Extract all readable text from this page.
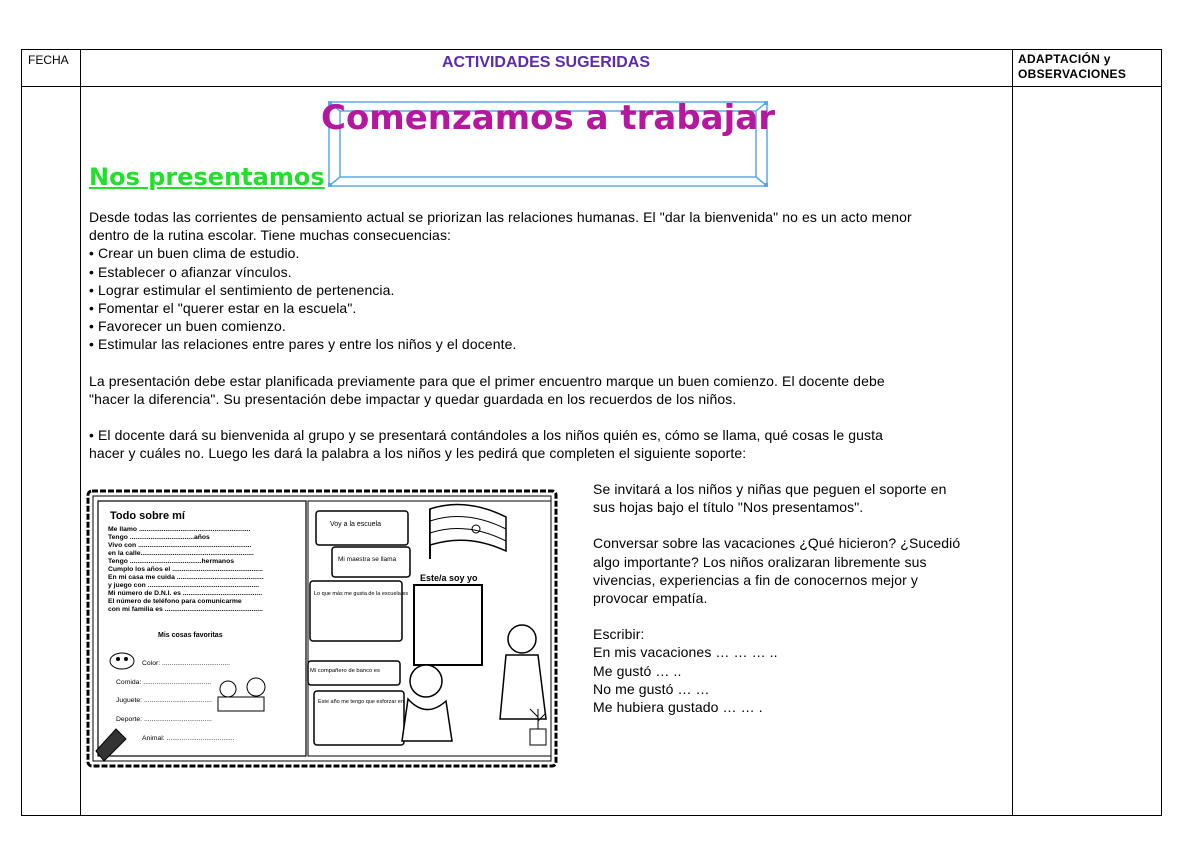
FECHA	ACTIVIDADES SUGERIDAS	ADAPTACIÓN y
OBSERVACIONES
Comenzamos a trabajar
Nos presentamos

Desde todas las corrientes de pensamiento actual se priorizan las relaciones humanas. El "dar la bienvenida" no es un acto menor

dentro de la rutina escolar. Tiene muchas consecuencias:

• Crear un buen clima de estudio.

• Establecer o afianzar vínculos.

• Lograr estimular el sentimiento de pertenencia.

• Fomentar el "querer estar en la escuela".

• Favorecer un buen comienzo.

• Estimular las relaciones entre pares y entre los niños y el docente.

La presentación debe estar planificada previamente para que el primer encuentro marque un buen comienzo. El docente debe

"hacer la diferencia". Su presentación debe impactar y quedar guardada en los recuerdos de los niños.

• El docente dará su bienvenida al grupo y se presentará contándoles a los niños quién es, cómo se llama, qué cosas le gusta

hacer y cuáles no. Luego les dará la palabra a los niños y les pedirá que completen el siguiente soporte:

Todo sobre mí
Me llamo ...........................................................
Tengo ..................................años
Vivo con ............................................................
en la calle............................................................
Tengo ......................................hermanos
Cumplo los años el ................................................
En mi casa me cuida ..............................................
y juego con ...........................................................
Mi número de D.N.I. es ..........................................
El número de teléfono para comunicarme
con mi familia es ....................................................
Mis cosas favoritas
Color: ....................................
Comida: ....................................
Juguete: ....................................
Deporte: ....................................
Animal: ....................................
Voy a la escuela
Mi maestra se llama
Lo que más me gusta de la escuela es
Mi compañero de banco es
Este año me tengo que esforzar en
Este/a soy yo

Se invitará a los niños y niñas que peguen el soporte en

sus hojas bajo el título "Nos presentamos".

Conversar sobre las vacaciones ¿Qué hicieron? ¿Sucedió

algo importante? Los niños oralizaran libremente sus

vivencias, experiencias a fin de conocernos mejor y

provocar empatía.

Escribir:

En mis vacaciones … … … ..

Me gustó … ..

No me gustó … …

Me hubiera gustado … … .
